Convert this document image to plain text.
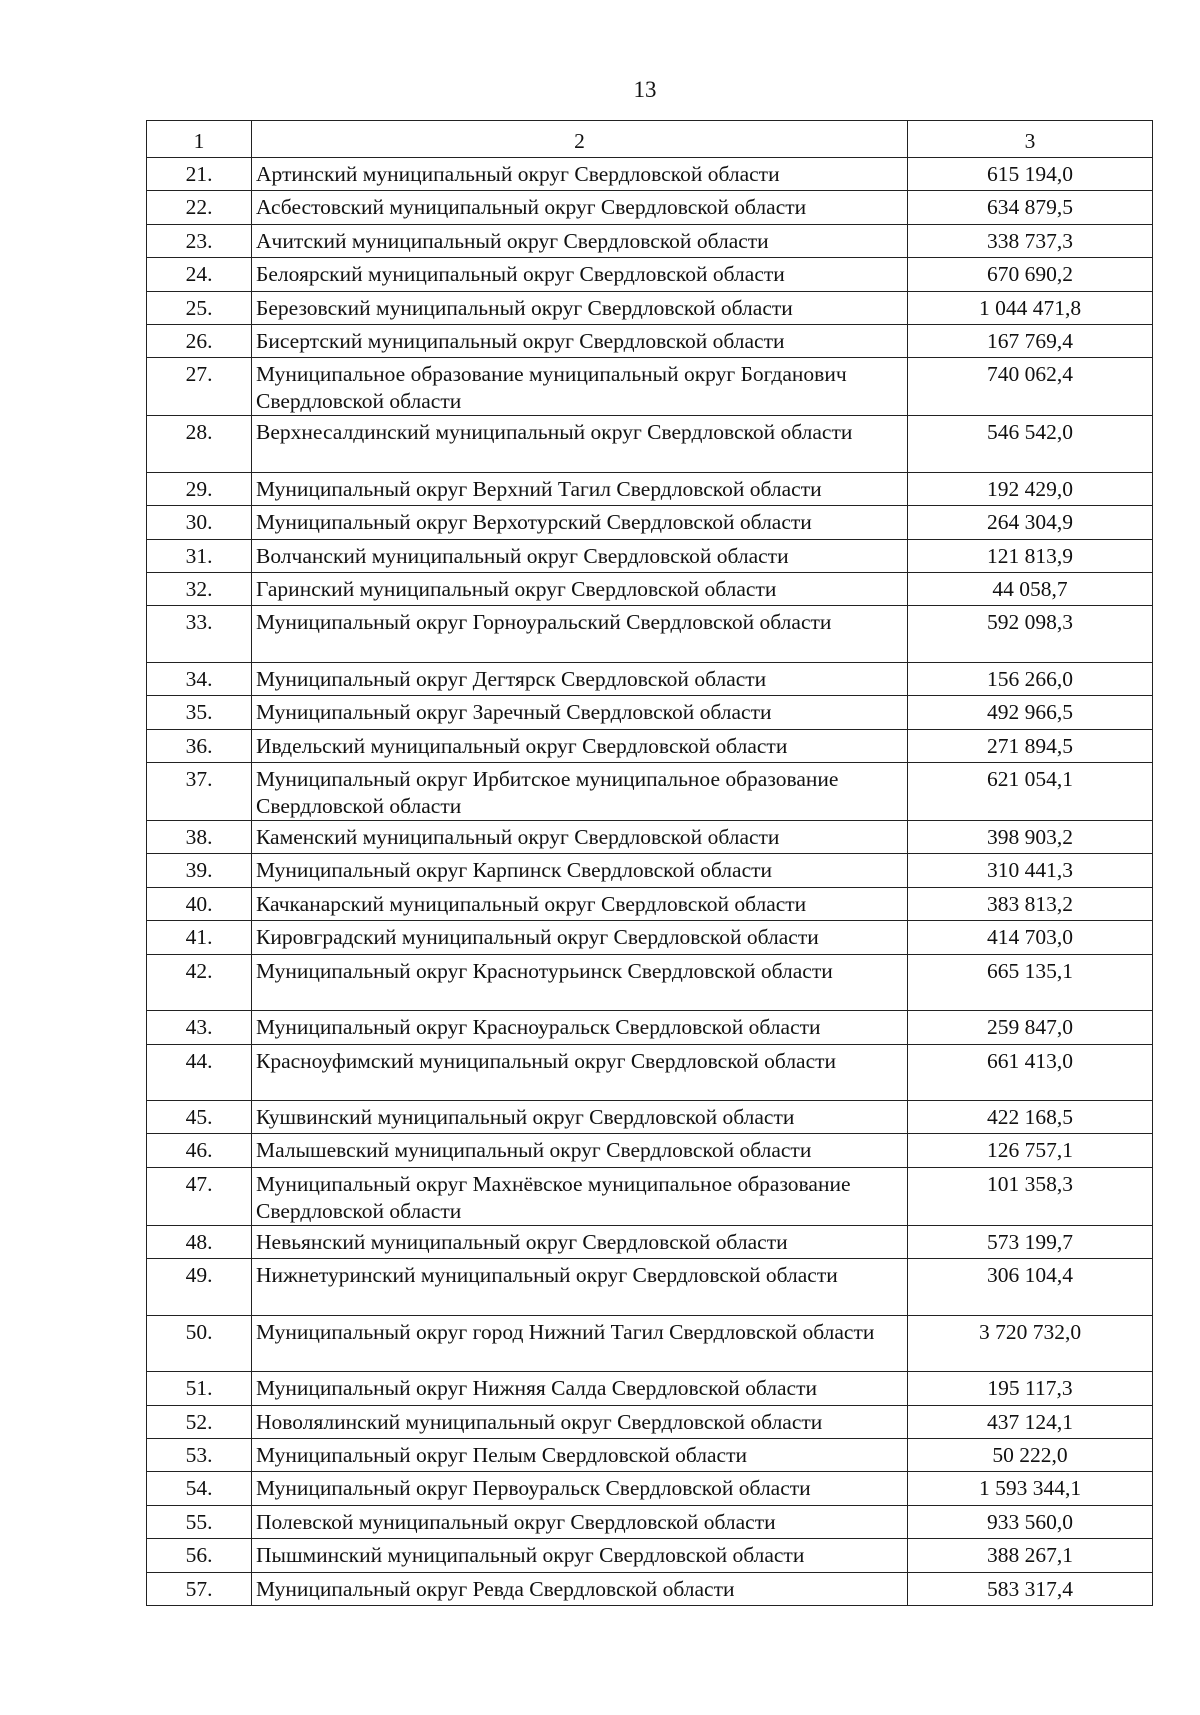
13
1	2	3
21.	Артинский муниципальный округ Свердловской области	615 194,0
22.	Асбестовский муниципальный округ Свердловской области	634 879,5
23.	Ачитский муниципальный округ Свердловской области	338 737,3
24.	Белоярский муниципальный округ Свердловской области	670 690,2
25.	Березовский муниципальный округ Свердловской области	1 044 471,8
26.	Бисертский муниципальный округ Свердловской области	167 769,4
27.	Муниципальное образование муниципальный округ Богданович Свердловской области	740 062,4
28.	Верхнесалдинский муниципальный округ Свердловской области	546 542,0
29.	Муниципальный округ Верхний Тагил Свердловской области	192 429,0
30.	Муниципальный округ Верхотурский Свердловской области	264 304,9
31.	Волчанский муниципальный округ Свердловской области	121 813,9
32.	Гаринский муниципальный округ Свердловской области	44 058,7
33.	Муниципальный округ Горноуральский Свердловской области	592 098,3
34.	Муниципальный округ Дегтярск Свердловской области	156 266,0
35.	Муниципальный округ Заречный Свердловской области	492 966,5
36.	Ивдельский муниципальный округ Свердловской области	271 894,5
37.	Муниципальный округ Ирбитское муниципальное образование Свердловской области	621 054,1
38.	Каменский муниципальный округ Свердловской области	398 903,2
39.	Муниципальный округ Карпинск Свердловской области	310 441,3
40.	Качканарский муниципальный округ Свердловской области	383 813,2
41.	Кировградский муниципальный округ Свердловской области	414 703,0
42.	Муниципальный округ Краснотурьинск Свердловской области	665 135,1
43.	Муниципальный округ Красноуральск Свердловской области	259 847,0
44.	Красноуфимский муниципальный округ Свердловской области	661 413,0
45.	Кушвинский муниципальный округ Свердловской области	422 168,5
46.	Малышевский муниципальный округ Свердловской области	126 757,1
47.	Муниципальный округ Махнёвское муниципальное образование Свердловской области	101 358,3
48.	Невьянский муниципальный округ Свердловской области	573 199,7
49.	Нижнетуринский муниципальный округ Свердловской области	306 104,4
50.	Муниципальный округ город Нижний Тагил Свердловской области	3 720 732,0
51.	Муниципальный округ Нижняя Салда Свердловской области	195 117,3
52.	Новолялинский муниципальный округ Свердловской области	437 124,1
53.	Муниципальный округ Пелым Свердловской области	50 222,0
54.	Муниципальный округ Первоуральск Свердловской области	1 593 344,1
55.	Полевской муниципальный округ Свердловской области	933 560,0
56.	Пышминский муниципальный округ Свердловской области	388 267,1
57.	Муниципальный округ Ревда Свердловской области	583 317,4
